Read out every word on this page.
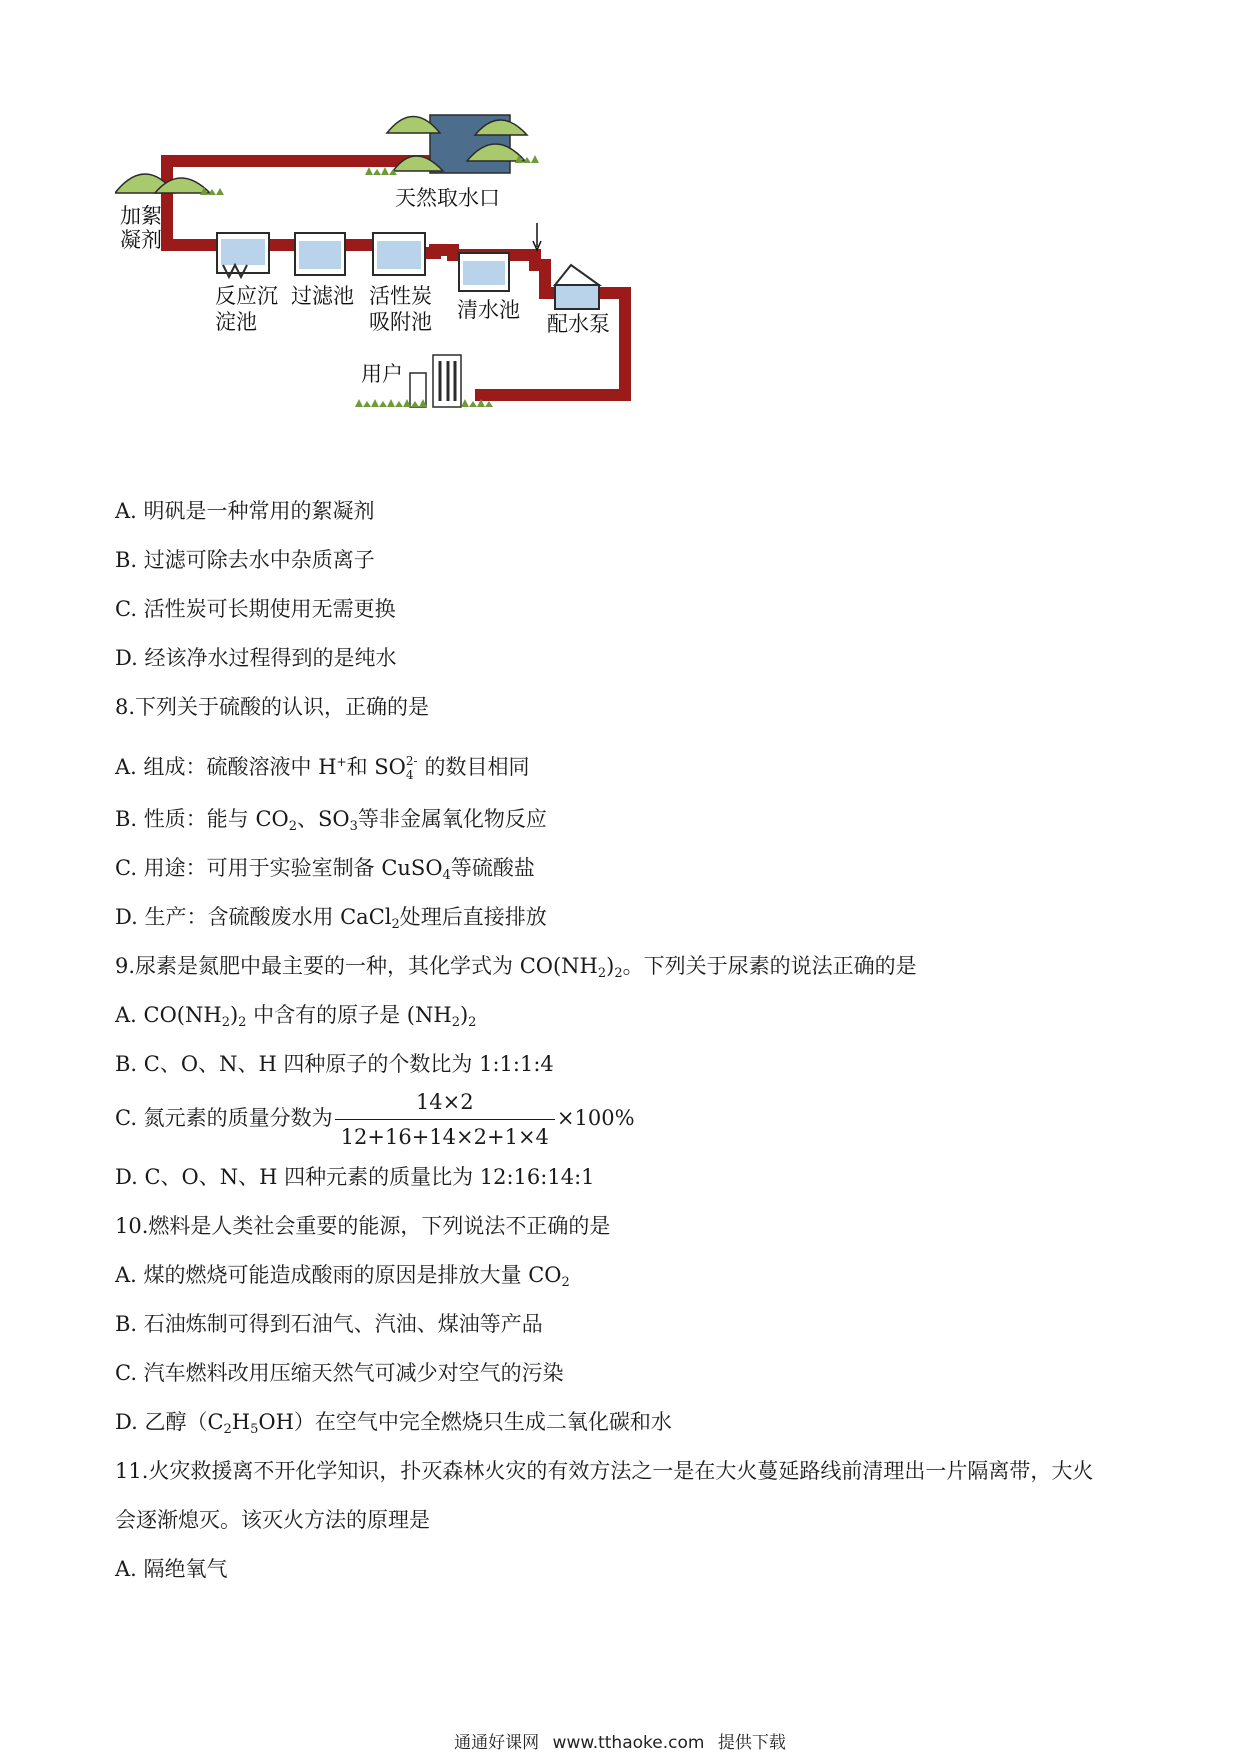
天然取水口
加絮
凝剂
反应沉
淀池
过滤池 活性炭
吸附池 清水池
配水泵
用户
A. 明矾是一种常用的絮凝剂
B. 过滤可除去水中杂质离子
C. 活性炭可长期使用无需更换
D. 经该净水过程得到的是纯水
8.下列关于硫酸的认识，正确的是
A. 组成：硫酸溶液中 H+和 SO 2-
4 的数目相同
B. 性质：能与 $CO_2$、$SO_3$等非金属氧化物反应
C. 用途：可用于实验室制备 CuSO$_4$等硫酸盐
D. 生产：含硫酸废水用 CaCl$_2$处理后直接排放
9.尿素是氮肥中最主要的一种，其化学式为 $CO(NH_2)_2$。下列关于尿素的说法正确的是
A. $CO(NH_2)_2$ 中含有的原子是 $(NH_2)_2$
B. C、O、N、H 四种原子的个数比为 1:1:1:4
C. 氮元素的质量分数为 $\frac{14\times 2}{12+16+14\times 2+1\times 4} \times 100\%$
D. C、O、N、H 四种元素的质量比为 12:16:14:1
10.燃料是人类社会重要的能源，下列说法不正确的是
A. 煤的燃烧可能造成酸雨的原因是排放大量 $CO_2$
B. 石油炼制可得到石油气、汽油、煤油等产品
C. 汽车燃料改用压缩天然气可减少对空气的污染
D. 乙醇$(C_2H_5OH)$在空气中完全燃烧只生成二氧化碳和水
11.火灾救援离不开化学知识，扑灭森林火灾的有效方法之一是在大火蔓延路线前清理出一片隔离带，大火
会逐渐熄灭。该灭火方法的原理是
A. 隔绝氧气
通通好课网 www.tthaoke.com 提供下载
